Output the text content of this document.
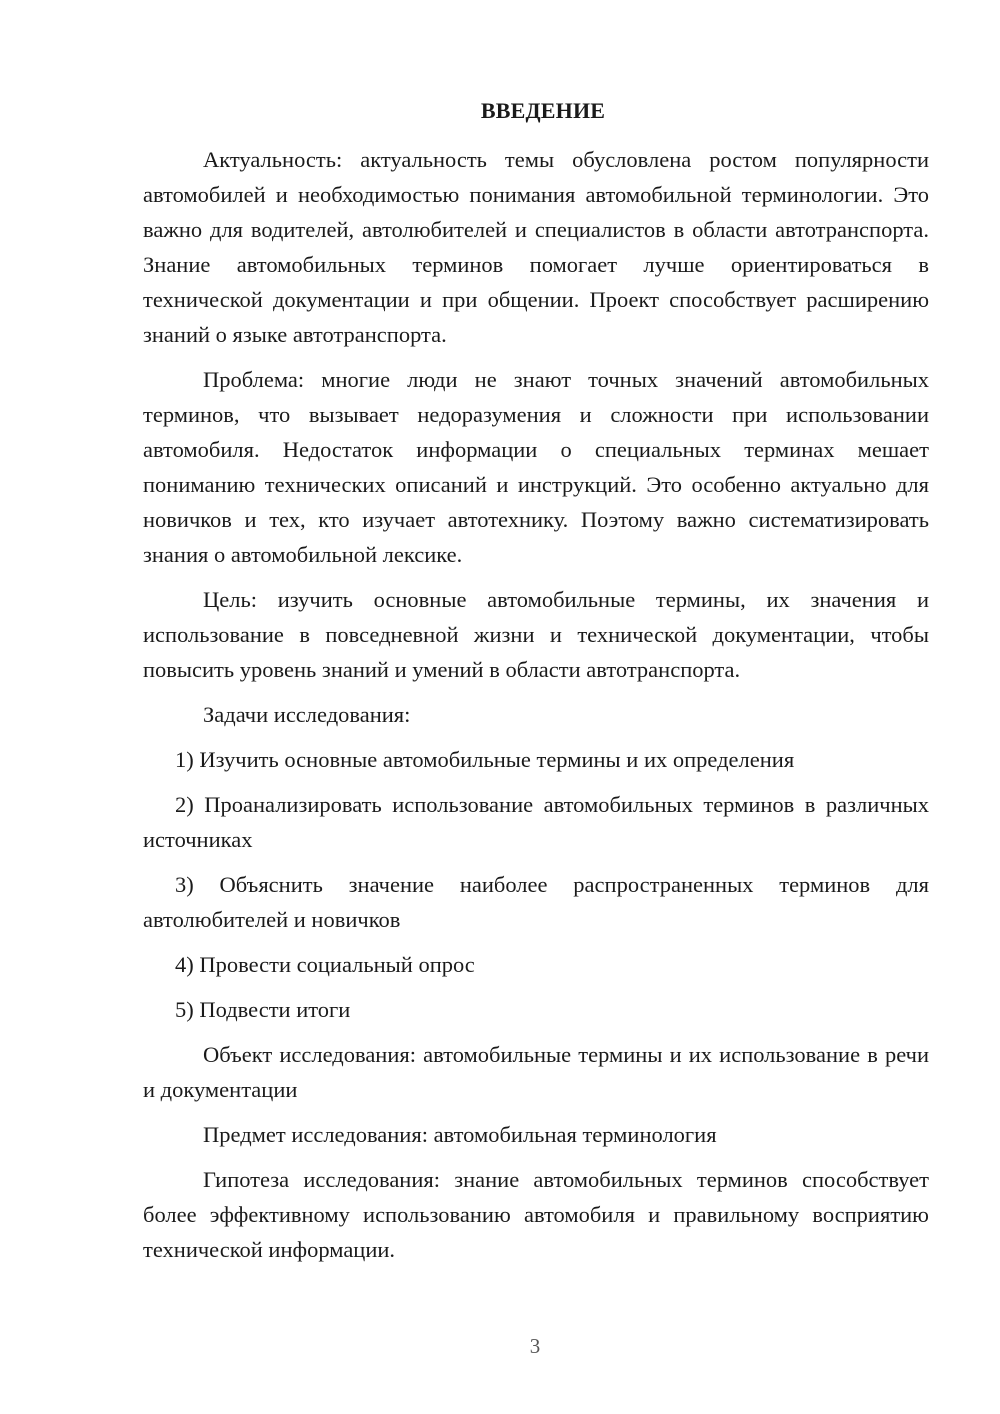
ВВЕДЕНИЕ

Актуальность: актуальность темы обусловлена ростом популярности автомобилей и необходимостью понимания автомобильной терминологии. Это важно для водителей, автолюбителей и специалистов в области автотранспорта. Знание автомобильных терминов помогает лучше ориентироваться в технической документации и при общении. Проект способствует расширению знаний о языке автотранспорта.

Проблема: многие люди не знают точных значений автомобильных терминов, что вызывает недоразумения и сложности при использовании автомобиля. Недостаток информации о специальных терминах мешает пониманию технических описаний и инструкций. Это особенно актуально для новичков и тех, кто изучает автотехнику. Поэтому важно систематизировать знания о автомобильной лексике.

Цель: изучить основные автомобильные термины, их значения и использование в повседневной жизни и технической документации, чтобы повысить уровень знаний и умений в области автотранспорта.

Задачи исследования:

1) Изучить основные автомобильные термины и их определения

2) Проанализировать использование автомобильных терминов в различных источниках

3) Объяснить значение наиболее распространенных терминов для автолюбителей и новичков

4) Провести социальный опрос

5) Подвести итоги

Объект исследования: автомобильные термины и их использование в речи и документации

Предмет исследования: автомобильная терминология

Гипотеза исследования: знание автомобильных терминов способствует более эффективному использованию автомобиля и правильному восприятию технической информации.

3
